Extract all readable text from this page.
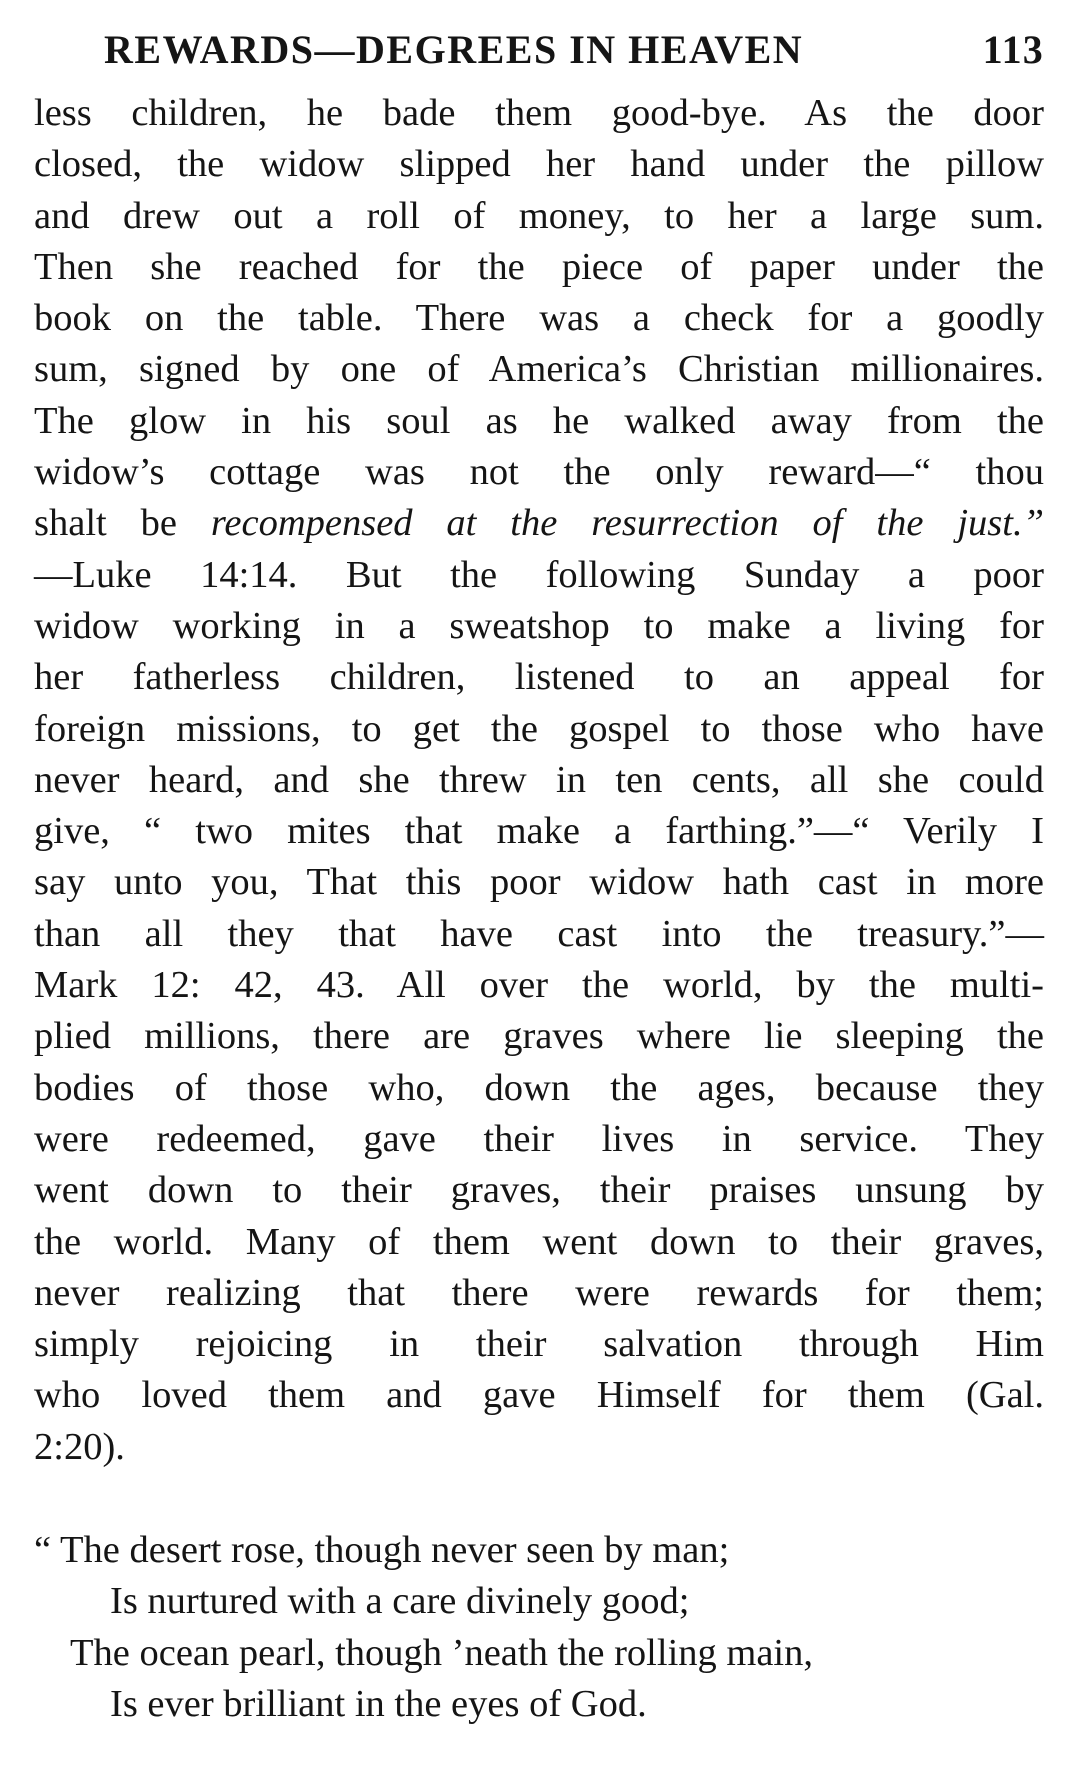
REWARDS—DEGREES IN HEAVEN	113
less children, he bade them good-bye. As the door
closed, the widow slipped her hand under the pillow
and drew out a roll of money, to her a large sum.
Then she reached for the piece of paper under the
book on the table. There was a check for a goodly
sum, signed by one of America’s Christian millionaires.
The glow in his soul as he walked away from the
widow’s cottage was not the only reward—“ thou
shalt be recompensed at the resurrection of the just.”
—Luke 14:14. But the following Sunday a poor
widow working in a sweatshop to make a living for
her fatherless children, listened to an appeal for
foreign missions, to get the gospel to those who have
never heard, and she threw in ten cents, all she could
give, “ two mites that make a farthing.”—“ Verily I
say unto you, That this poor widow hath cast in more
than all they that have cast into the treasury.”—
Mark 12: 42, 43. All over the world, by the multi-
plied millions, there are graves where lie sleeping the
bodies of those who, down the ages, because they
were redeemed, gave their lives in service. They
went down to their graves, their praises unsung by
the world. Many of them went down to their graves,
never realizing that there were rewards for them;
simply rejoicing in their salvation through Him
who loved them and gave Himself for them (Gal.
2:20).
“ The desert rose, though never seen by man;
Is nurtured with a care divinely good;
The ocean pearl, though ’neath the rolling main,
Is ever brilliant in the eyes of God.
